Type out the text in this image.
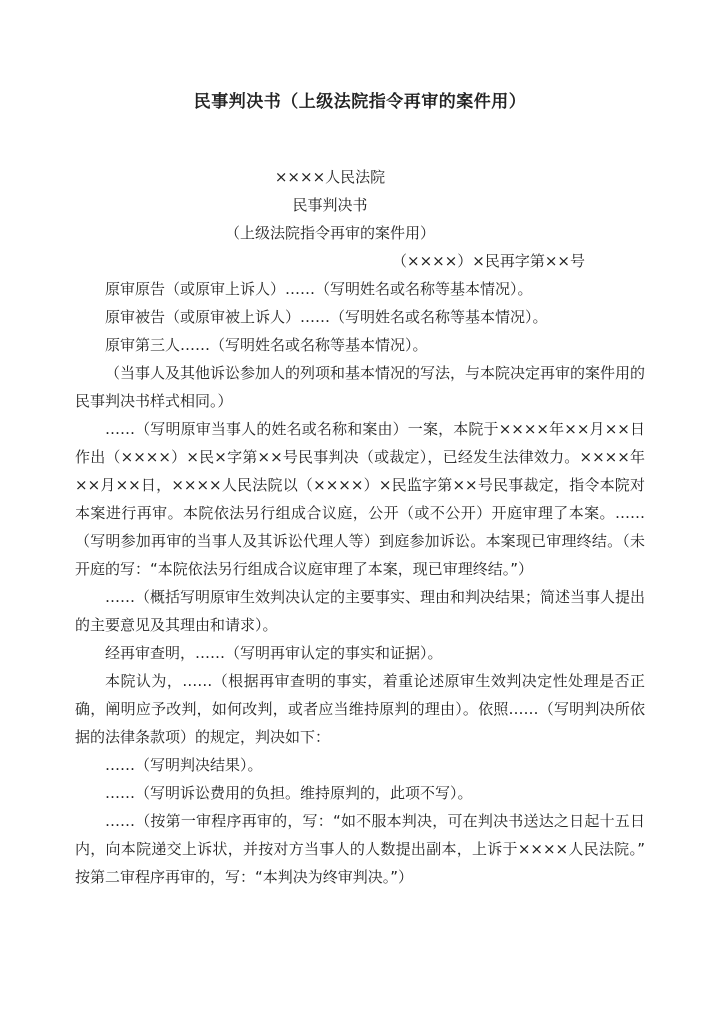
民事判决书（上级法院指令再审的案件用）
××××人民法院
民事判决书
（上级法院指令再审的案件用）
（××××）×民再字第××号

原审原告（或原审上诉人）……（写明姓名或名称等基本情况）。

原审被告（或原审被上诉人）……（写明姓名或名称等基本情况）。

原审第三人……（写明姓名或名称等基本情况）。

（当事人及其他诉讼参加人的列项和基本情况的写法，与本院决定再审的案件用的民事判决书样式相同。）

……（写明原审当事人的姓名或名称和案由）一案，本院于××××年××月××日作出（××××）×民×字第××号民事判决（或裁定），已经发生法律效力。××××年××月××日，××××人民法院以（××××）×民监字第××号民事裁定，指令本院对本案进行再审。本院依法另行组成合议庭，公开（或不公开）开庭审理了本案。……（写明参加再审的当事人及其诉讼代理人等）到庭参加诉讼。本案现已审理终结。（未开庭的写：“本院依法另行组成合议庭审理了本案，现已审理终结。”）

……（概括写明原审生效判决认定的主要事实、理由和判决结果；简述当事人提出的主要意见及其理由和请求）。

经再审查明，……（写明再审认定的事实和证据）。

本院认为，……（根据再审查明的事实，着重论述原审生效判决定性处理是否正确，阐明应予改判，如何改判，或者应当维持原判的理由）。依照……（写明判决所依据的法律条款项）的规定，判决如下：

……（写明判决结果）。

……（写明诉讼费用的负担。维持原判的，此项不写）。

……（按第一审程序再审的，写：“如不服本判决，可在判决书送达之日起十五日内，向本院递交上诉状，并按对方当事人的人数提出副本，上诉于××××人民法院。”按第二审程序再审的，写：“本判决为终审判决。”）
